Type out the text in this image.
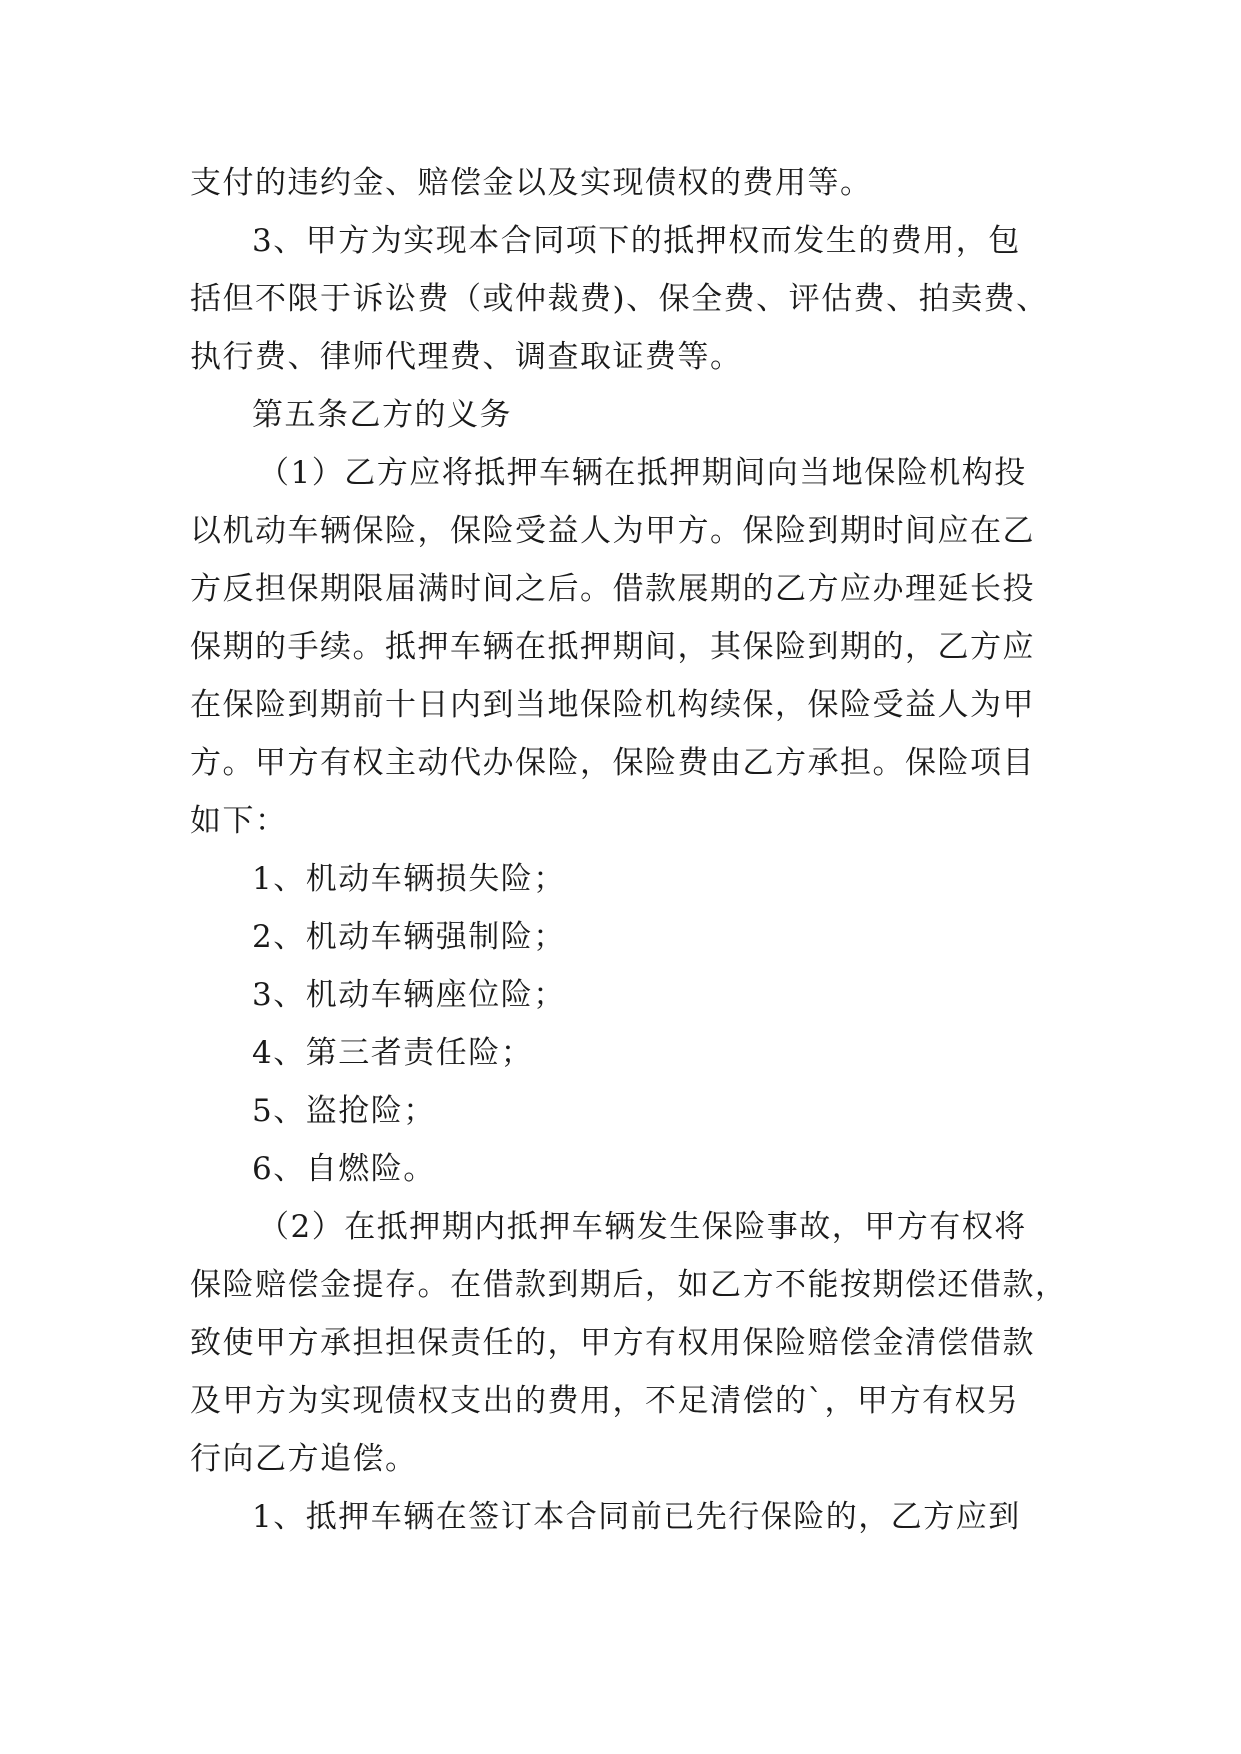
支付的违约金、赔偿金以及实现债权的费用等。
3、甲方为实现本合同项下的抵押权而发生的费用，包
括但不限于诉讼费（或仲裁费)、保全费、评估费、拍卖费、
执行费、律师代理费、调查取证费等。
第五条乙方的义务
（1）乙方应将抵押车辆在抵押期间向当地保险机构投
以机动车辆保险，保险受益人为甲方。保险到期时间应在乙
方反担保期限届满时间之后。借款展期的乙方应办理延长投
保期的手续。抵押车辆在抵押期间，其保险到期的，乙方应
在保险到期前十日内到当地保险机构续保，保险受益人为甲
方。甲方有权主动代办保险，保险费由乙方承担。保险项目
如下：
1、机动车辆损失险；
2、机动车辆强制险；
3、机动车辆座位险；
4、第三者责任险；
5、盗抢险；
6、自燃险。
（2）在抵押期内抵押车辆发生保险事故，甲方有权将
保险赔偿金提存。在借款到期后，如乙方不能按期偿还借款，
致使甲方承担担保责任的，甲方有权用保险赔偿金清偿借款
及甲方为实现债权支出的费用，不足清偿的`，甲方有权另
行向乙方追偿。
1、抵押车辆在签订本合同前已先行保险的，乙方应到
